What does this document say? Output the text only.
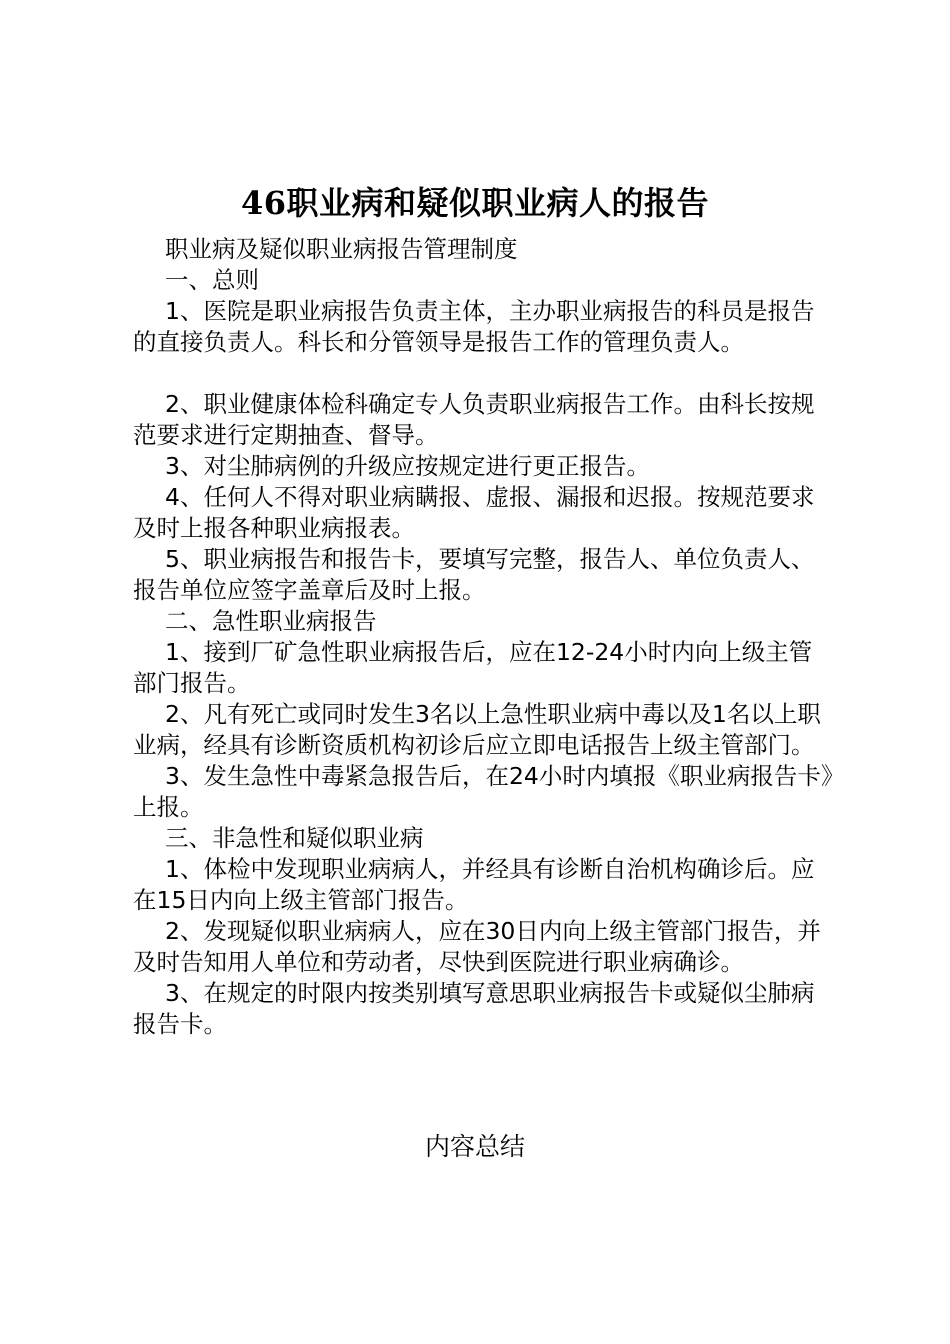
46职业病和疑似职业病人的报告

职业病及疑似职业病报告管理制度

一、总则

1、医院是职业病报告负责主体，主办职业病报告的科员是报告的直接负责人。科长和分管领导是报告工作的管理负责人。

2、职业健康体检科确定专人负责职业病报告工作。由科长按规范要求进行定期抽查、督导。

3、对尘肺病例的升级应按规定进行更正报告。

4、任何人不得对职业病瞒报、虚报、漏报和迟报。按规范要求及时上报各种职业病报表。

5、职业病报告和报告卡，要填写完整，报告人、单位负责人、报告单位应签字盖章后及时上报。

二、急性职业病报告

1、接到厂矿急性职业病报告后，应在12-24小时内向上级主管部门报告。

2、凡有死亡或同时发生3名以上急性职业病中毒以及1名以上职业病，经具有诊断资质机构初诊后应立即电话报告上级主管部门。

3、发生急性中毒紧急报告后，在24小时内填报《职业病报告卡》上报。

三、非急性和疑似职业病

1、体检中发现职业病病人，并经具有诊断自治机构确诊后。应在15日内向上级主管部门报告。

2、发现疑似职业病病人，应在30日内向上级主管部门报告，并及时告知用人单位和劳动者，尽快到医院进行职业病确诊。

3、在规定的时限内按类别填写意思职业病报告卡或疑似尘肺病报告卡。

内容总结
